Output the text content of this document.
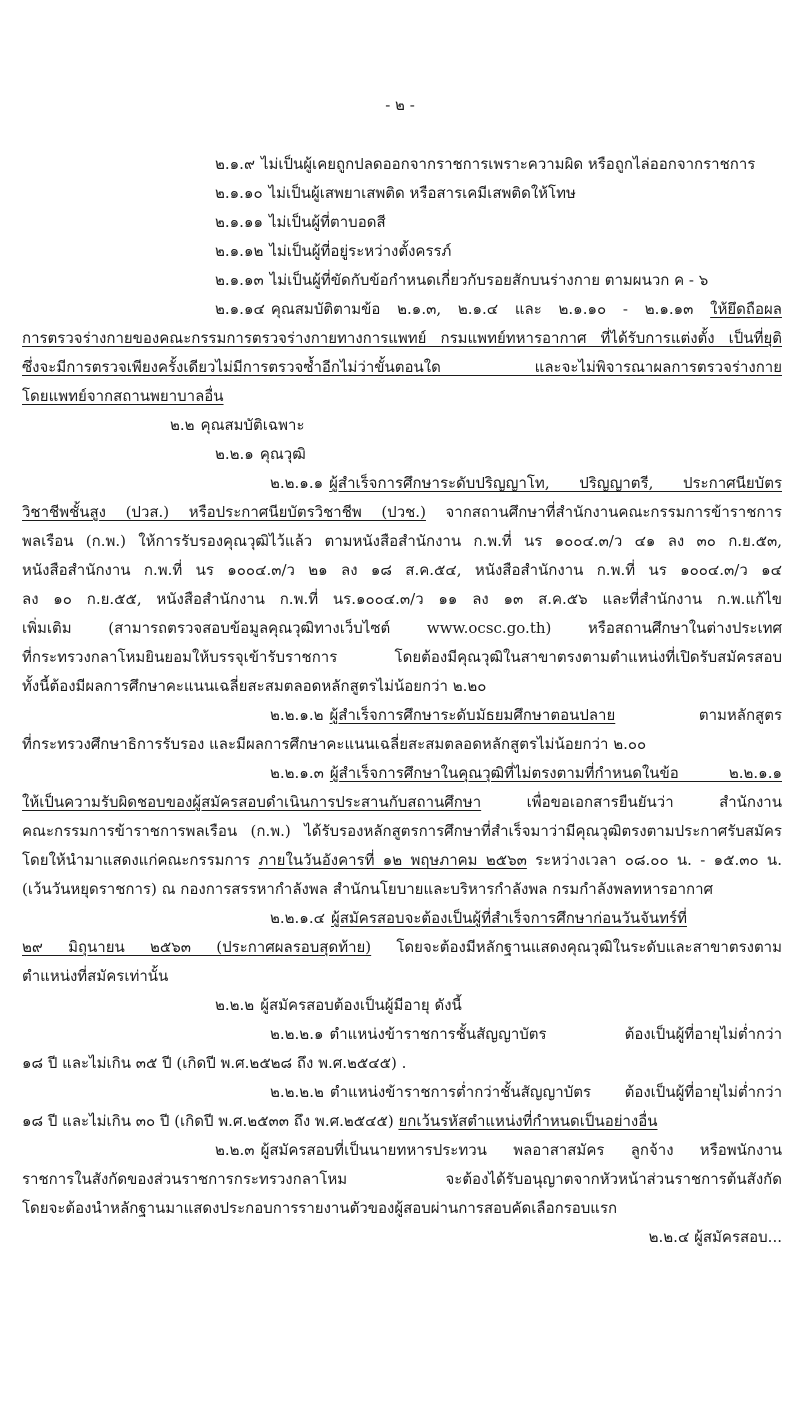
- ๒ -
๒.๑.๙ ไม่เป็นผู้เคยถูกปลดออกจากราชการเพราะความผิด หรือถูกไล่ออกจากราชการ
๒.๑.๑๐ ไม่เป็นผู้เสพยาเสพติด หรือสารเคมีเสพติดให้โทษ
๒.๑.๑๑ ไม่เป็นผู้ที่ตาบอดสี
๒.๑.๑๒ ไม่เป็นผู้ที่อยู่ระหว่างตั้งครรภ์
๒.๑.๑๓ ไม่เป็นผู้ที่ขัดกับข้อกำหนดเกี่ยวกับรอยสักบนร่างกาย ตามผนวก ค - ๖
๒.๑.๑๔ คุณสมบัติตามข้อ ๒.๑.๓, ๒.๑.๔ และ ๒.๑.๑๐ - ๒.๑.๑๓ ให้ยึดถือผล
การตรวจร่างกายของคณะกรรมการตรวจร่างกายทางการแพทย์ กรมแพทย์ทหารอากาศ ที่ได้รับการแต่งตั้ง เป็นที่ยุติ
ซึ่งจะมีการตรวจเพียงครั้งเดียวไม่มีการตรวจซ้ำอีกไม่ว่าขั้นตอนใด และจะไม่พิจารณาผลการตรวจร่างกาย
โดยแพทย์จากสถานพยาบาลอื่น
๒.๒ คุณสมบัติเฉพาะ
๒.๒.๑ คุณวุฒิ
๒.๒.๑.๑ ผู้สำเร็จการศึกษาระดับปริญญาโท, ปริญญาตรี, ประกาศนียบัตร
วิชาชีพชั้นสูง (ปวส.) หรือประกาศนียบัตรวิชาชีพ (ปวช.) จากสถานศึกษาที่สำนักงานคณะกรรมการข้าราชการ
พลเรือน (ก.พ.) ให้การรับรองคุณวุฒิไว้แล้ว ตามหนังสือสำนักงาน ก.พ.ที่ นร ๑๐๐๔.๓/ว ๔๑ ลง ๓๐ ก.ย.๕๓,
หนังสือสำนักงาน ก.พ.ที่ นร ๑๐๐๔.๓/ว ๒๑ ลง ๑๘ ส.ค.๕๔, หนังสือสำนักงาน ก.พ.ที่ นร ๑๐๐๔.๓/ว ๑๔
ลง ๑๐ ก.ย.๕๕, หนังสือสำนักงาน ก.พ.ที่ นร.๑๐๐๔.๓/ว ๑๑ ลง ๑๓ ส.ค.๕๖ และที่สำนักงาน ก.พ.แก้ไข
เพิ่มเติม (สามารถตรวจสอบข้อมูลคุณวุฒิทางเว็บไซต์ www.ocsc.go.th) หรือสถานศึกษาในต่างประเทศ
ที่กระทรวงกลาโหมยินยอมให้บรรจุเข้ารับราชการ โดยต้องมีคุณวุฒิในสาขาตรงตามตำแหน่งที่เปิดรับสมัครสอบ
ทั้งนี้ต้องมีผลการศึกษาคะแนนเฉลี่ยสะสมตลอดหลักสูตรไม่น้อยกว่า ๒.๒๐
๒.๒.๑.๒ ผู้สำเร็จการศึกษาระดับมัธยมศึกษาตอนปลาย	ตามหลักสูตร
ที่กระทรวงศึกษาธิการรับรอง และมีผลการศึกษาคะแนนเฉลี่ยสะสมตลอดหลักสูตรไม่น้อยกว่า ๒.๐๐
๒.๒.๑.๓ ผู้สำเร็จการศึกษาในคุณวุฒิที่ไม่ตรงตามที่กำหนดในข้อ ๒.๒.๑.๑
ให้เป็นความรับผิดชอบของผู้สมัครสอบดำเนินการประสานกับสถานศึกษา	เพื่อขอเอกสารยืนยันว่า สำนักงาน
คณะกรรมการข้าราชการพลเรือน (ก.พ.) ได้รับรองหลักสูตรการศึกษาที่สำเร็จมาว่ามีคุณวุฒิตรงตามประกาศรับสมัคร
โดยให้นำมาแสดงแก่คณะกรรมการ ภายในวันอังคารที่ ๑๒ พฤษภาคม ๒๕๖๓ ระหว่างเวลา ๐๘.๐๐ น. - ๑๕.๓๐ น.
(เว้นวันหยุดราชการ) ณ กองการสรรหากำลังพล สำนักนโยบายและบริหารกำลังพล กรมกำลังพลทหารอากาศ
๒.๒.๑.๔ ผู้สมัครสอบจะต้องเป็นผู้ที่สำเร็จการศึกษาก่อนวันจันทร์ที่
๒๙ มิถุนายน ๒๕๖๓ (ประกาศผลรอบสุดท้าย) โดยจะต้องมีหลักฐานแสดงคุณวุฒิในระดับและสาขาตรงตาม
ตำแหน่งที่สมัครเท่านั้น
๒.๒.๒ ผู้สมัครสอบต้องเป็นผู้มีอายุ ดังนี้
๒.๒.๒.๑ ตำแหน่งข้าราชการชั้นสัญญาบัตร ต้องเป็นผู้ที่อายุไม่ต่ำกว่า
๑๘ ปี และไม่เกิน ๓๕ ปี (เกิดปี พ.ศ.๒๕๒๘ ถึง พ.ศ.๒๕๔๕) .
๒.๒.๒.๒ ตำแหน่งข้าราชการต่ำกว่าชั้นสัญญาบัตร ต้องเป็นผู้ที่อายุไม่ต่ำกว่า
๑๘ ปี และไม่เกิน ๓๐ ปี (เกิดปี พ.ศ.๒๕๓๓ ถึง พ.ศ.๒๕๔๕) ยกเว้นรหัสตำแหน่งที่กำหนดเป็นอย่างอื่น
๒.๒.๓ ผู้สมัครสอบที่เป็นนายทหารประทวน พลอาสาสมัคร ลูกจ้าง หรือพนักงาน
ราชการในสังกัดของส่วนราชการกระทรวงกลาโหม จะต้องได้รับอนุญาตจากหัวหน้าส่วนราชการต้นสังกัด
โดยจะต้องนำหลักฐานมาแสดงประกอบการรายงานตัวของผู้สอบผ่านการสอบคัดเลือกรอบแรก
๒.๒.๔ ผู้สมัครสอบ...
